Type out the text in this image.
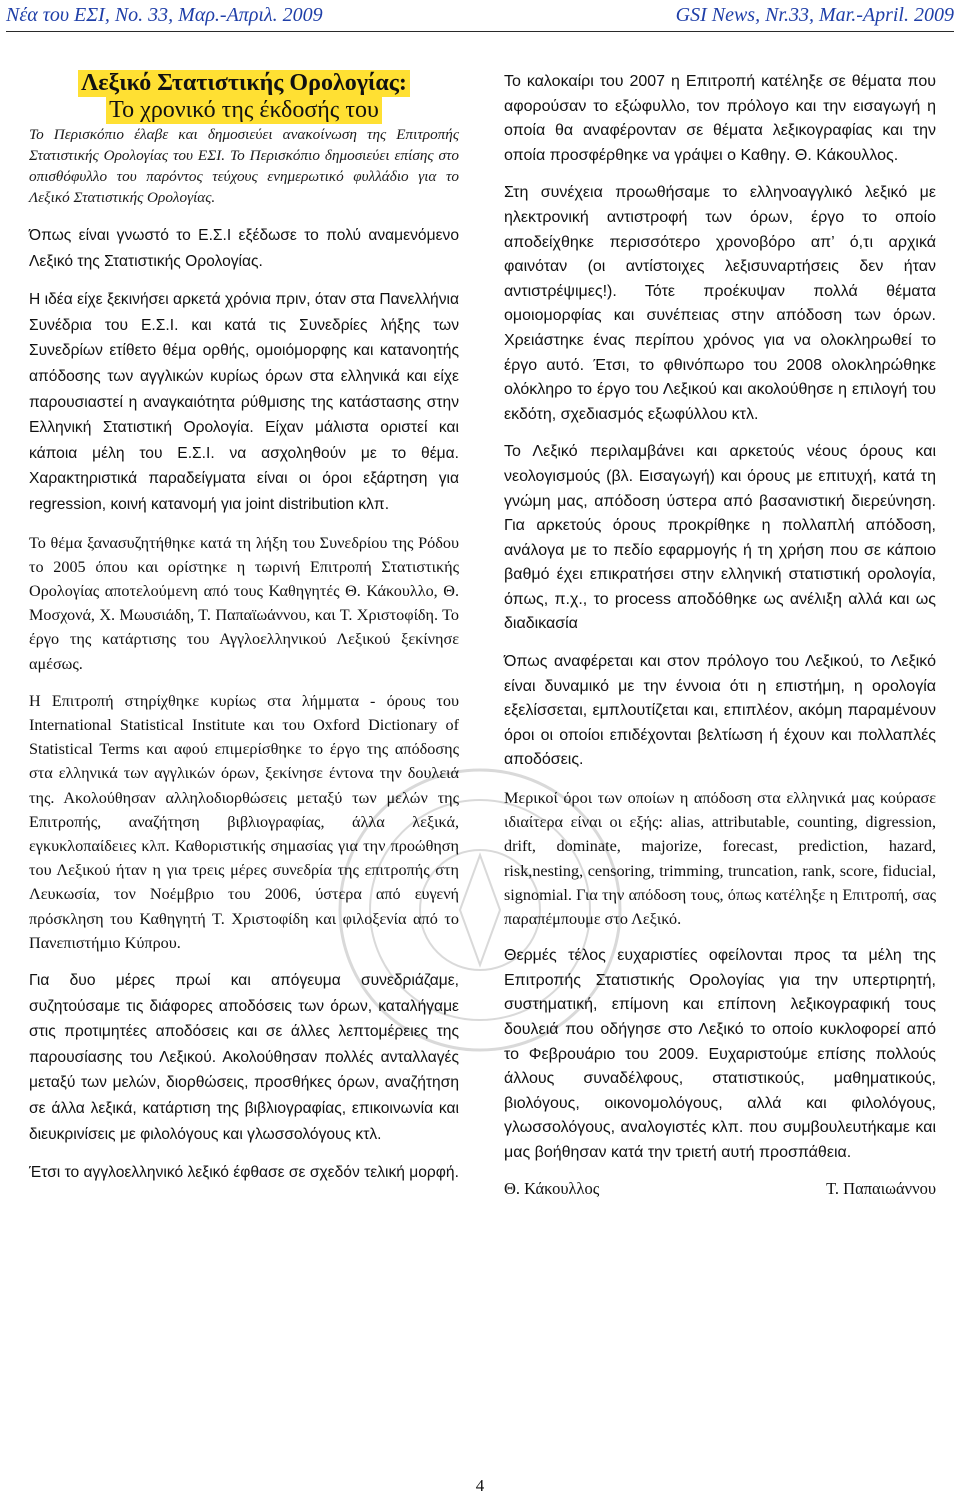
Νέα του ΕΣΙ, Νο. 33, Μαρ.-Απριλ. 2009	GSI News, Nr.33, Mar.-April. 2009
Λεξικό Στατιστικής Ορολογίας:
Το χρονικό της έκδοσής του

Το Περισκόπιο έλαβε και δημοσιεύει ανακοίνωση της Επιτροπής Στατιστικής Ορολογίας του ΕΣΙ. Το Περισκόπιο δημοσιεύει επίσης στο οπισθόφυλλο του παρόντος τεύχους ενημερωτικό φυλλάδιο για το Λεξικό Στατιστικής Ορολογίας.

Όπως είναι γνωστό το Ε.Σ.Ι εξέδωσε το πολύ αναμενόμενο Λεξικό της Στατιστικής Ορολογίας.

Η ιδέα είχε ξεκινήσει αρκετά χρόνια πριν, όταν στα Πανελλήνια Συνέδρια του Ε.Σ.Ι. και κατά τις Συνεδρίες λήξης των Συνεδρίων ετίθετο θέμα ορθής, ομοιόμορφης και κατανοητής απόδοσης των αγγλικών κυρίως όρων στα ελληνικά και είχε παρουσιαστεί η αναγκαιότητα ρύθμισης της κατάστασης στην Ελληνική Στατιστική Ορολογία. Είχαν μάλιστα οριστεί και κάποια μέλη του Ε.Σ.Ι. να ασχοληθούν με το θέμα. Χαρακτηριστικά παραδείγματα είναι οι όροι εξάρτηση για regression, κοινή κατανομή για joint distribution κλπ.

Το θέμα ξανασυζητήθηκε κατά τη λήξη του Συνεδρίου της Ρόδου το 2005 όπου και ορίστηκε η τωρινή Επιτροπή Στατιστικής Ορολογίας αποτελούμενη από τους Καθηγητές Θ. Κάκουλλο, Θ. Μοσχονά, Χ. Μωυσιάδη, Τ. Παπαϊωάννου, και Τ. Χριστοφίδη. Το έργο της κατάρτισης του Αγγλοελληνικού Λεξικού ξεκίνησε αμέσως.

Η Επιτροπή στηρίχθηκε κυρίως στα λήμματα - όρους του International Statistical Institute και του Oxford Dictionary of Statistical Terms και αφού επιμερίσθηκε το έργο της απόδοσης στα ελληνικά των αγγλικών όρων, ξεκίνησε έντονα την δουλειά της. Ακολούθησαν αλληλοδιορθώσεις μεταξύ των μελών της Επιτροπής, αναζήτηση βιβλιογραφίας, άλλα λεξικά, εγκυκλοπαίδειες κλπ. Καθοριστικής σημασίας για την προώθηση του Λεξικού ήταν η για τρεις μέρες συνεδρία της επιτροπής στη Λευκωσία, τον Νοέμβριο του 2006, ύστερα από ευγενή πρόσκληση του Καθηγητή Τ. Χριστοφίδη και φιλοξενία από το Πανεπιστήμιο Κύπρου.

Για δυο μέρες πρωί και απόγευμα συνεδριάζαμε, συζητούσαμε τις διάφορες αποδόσεις των όρων, καταλήγαμε στις προτιμητέες αποδόσεις και σε άλλες λεπτομέρειες της παρουσίασης του Λεξικού. Ακολούθησαν πολλές ανταλλαγές μεταξύ των μελών, διορθώσεις, προσθήκες όρων, αναζήτηση σε άλλα λεξικά, κατάρτιση της βιβλιογραφίας, επικοινωνία και διευκρινίσεις με φιλολόγους και γλωσσολόγους κτλ.

Έτσι το αγγλοελληνικό λεξικό έφθασε σε σχεδόν τελική μορφή.

Το καλοκαίρι του 2007 η Επιτροπή κατέληξε σε θέματα που αφορούσαν το εξώφυλλο, τον πρόλογο και την εισαγωγή η οποία θα αναφέρονταν σε θέματα λεξικογραφίας και την οποία προσφέρθηκε να γράψει ο Καθηγ. Θ. Κάκουλλος.

Στη συνέχεια προωθήσαμε το ελληνοαγγλικό λεξικό με ηλεκτρονική αντιστροφή των όρων, έργο το οποίο αποδείχθηκε περισσότερο χρονοβόρο απ’ ό,τι αρχικά φαινόταν (οι αντίστοιχες λεξισυναρτήσεις δεν ήταν αντιστρέψιμες!). Τότε προέκυψαν πολλά θέματα ομοιομορφίας και συνέπειας στην απόδοση των όρων. Χρειάστηκε ένας περίπου χρόνος για να ολοκληρωθεί το έργο αυτό. Έτσι, το φθινόπωρο του 2008 ολοκληρώθηκε ολόκληρο το έργο του Λεξικού και ακολούθησε η επιλογή του εκδότη, σχεδιασμός εξωφύλλου κτλ.

Το Λεξικό περιλαμβάνει και αρκετούς νέους όρους και νεολογισμούς (βλ. Εισαγωγή) και όρους με επιτυχή, κατά τη γνώμη μας, απόδοση ύστερα από βασανιστική διερεύνηση. Για αρκετούς όρους προκρίθηκε η πολλαπλή απόδοση, ανάλογα με το πεδίο εφαρμογής ή τη χρήση που σε κάποιο βαθμό έχει επικρατήσει στην ελληνική στατιστική ορολογία, όπως, π.χ., το process αποδόθηκε ως ανέλιξη αλλά και ως διαδικασία

Όπως αναφέρεται και στον πρόλογο του Λεξικού, το Λεξικό είναι δυναμικό με την έννοια ότι η επιστήμη, η ορολογία εξελίσσεται, εμπλουτίζεται και, επιπλέον, ακόμη παραμένουν όροι οι οποίοι επιδέχονται βελτίωση ή έχουν και πολλαπλές αποδόσεις.

Μερικοί όροι των οποίων η απόδοση στα ελληνικά μας κούρασε ιδιαίτερα είναι οι εξής: alias, attributable, counting, digression, drift, dominate, majorize, forecast, prediction, hazard, risk,nesting, censoring, trimming, truncation, rank, score, fiducial, signomial. Για την απόδοση τους, όπως κατέληξε η Επιτροπή, σας παραπέμπουμε στο Λεξικό.

Θερμές τέλος ευχαριστίες οφείλονται προς τα μέλη της Επιτροπής Στατιστικής Ορολογίας για την υπερτιρητή, συστηματική, επίμονη και επίπονη λεξικογραφική τους δουλειά που οδήγησε στο Λεξικό το οποίο κυκλοφορεί από το Φεβρουάριο του 2009. Ευχαριστούμε επίσης πολλούς άλλους συναδέλφους, στατιστικούς, μαθηματικούς, βιολόγους, οικονομολόγους, αλλά και φιλολόγους, γλωσσολόγους, αναλογιστές κλπ. που συμβουλευτήκαμε και μας βοήθησαν κατά την τριετή αυτή προσπάθεια.

Θ. Κάκουλλος	Τ. Παπαιωάννου
4
